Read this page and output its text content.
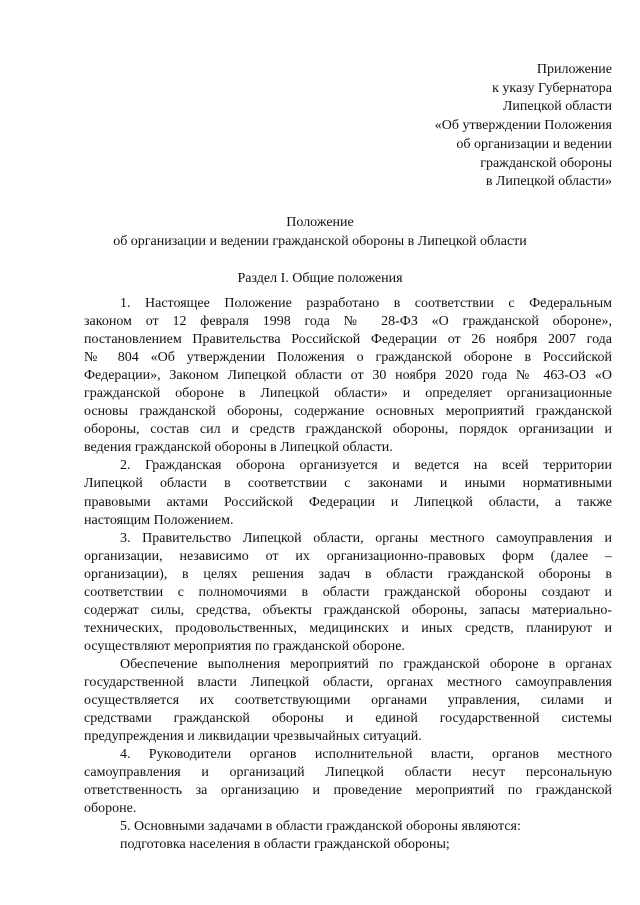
Приложение
к указу Губернатора
Липецкой области
«Об утверждении Положения
об организации и ведении
гражданской обороны
в Липецкой области»
Положение
об организации и ведении гражданской обороны в Липецкой области
Раздел I. Общие положения
1. Настоящее Положение разработано в соответствии с Федеральным
законом от 12 февраля 1998 года № 28-ФЗ «О гражданской обороне»,
постановлением Правительства Российской Федерации от 26 ноября 2007 года
№ 804 «Об утверждении Положения о гражданской обороне в Российской
Федерации», Законом Липецкой области от 30 ноября 2020 года № 463-ОЗ «О
гражданской обороне в Липецкой области» и определяет организационные
основы гражданской обороны, содержание основных мероприятий гражданской
обороны, состав сил и средств гражданской обороны, порядок организации и
ведения гражданской обороны в Липецкой области.
2. Гражданская оборона организуется и ведется на всей территории
Липецкой области в соответствии с законами и иными нормативными
правовыми актами Российской Федерации и Липецкой области, а также
настоящим Положением.
3. Правительство Липецкой области, органы местного самоуправления и
организации, независимо от их организационно-правовых форм (далее –
организации), в целях решения задач в области гражданской обороны в
соответствии с полномочиями в области гражданской обороны создают и
содержат силы, средства, объекты гражданской обороны, запасы материально-
технических, продовольственных, медицинских и иных средств, планируют и
осуществляют мероприятия по гражданской обороне.
Обеспечение выполнения мероприятий по гражданской обороне в органах
государственной власти Липецкой области, органах местного самоуправления
осуществляется их соответствующими органами управления, силами и
средствами гражданской обороны и единой государственной системы
предупреждения и ликвидации чрезвычайных ситуаций.
4. Руководители органов исполнительной власти, органов местного
самоуправления и организаций Липецкой области несут персональную
ответственность за организацию и проведение мероприятий по гражданской
обороне.
5. Основными задачами в области гражданской обороны являются:
подготовка населения в области гражданской обороны;
